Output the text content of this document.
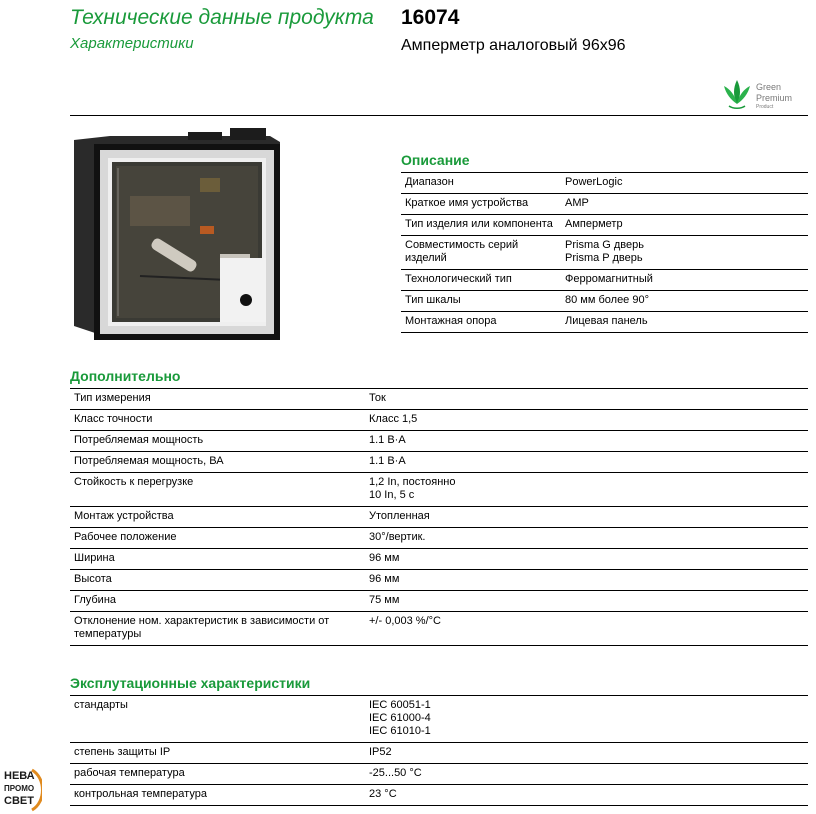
Технические данные продукта
Характеристики
16074
Амперметр аналоговый 96x96
Green
Premium
Product
Описание
Диапазон	PowerLogic
Краткое имя устройства	AMP
Тип изделия или компонента	Амперметр
Совместимость серий изделий	Prisma G дверь
Prisma P дверь
Технологический тип	Ферромагнитный
Тип шкалы	80 мм более 90°
Монтажная опора	Лицевая панель
Дополнительно
Тип измерения	Ток
Класс точности	Класс 1,5
Потребляемая мощность	1.1 В·А
Потребляемая мощность, ВА	1.1 В·А
Стойкость к перегрузке	1,2 In, постоянно
10 In, 5 с
Монтаж устройства	Утопленная
Рабочее положение	30°/вертик.
Ширина	96 мм
Высота	96 мм
Глубина	75 мм
Отклонение ном. характеристик в зависимости от температуры	+/- 0,003 %/°C
Эксплутационные характеристики
стандарты	IEC 60051-1
IEC 61000-4
IEC 61010-1
степень защиты IP	IP52
рабочая температура	-25...50 °C
контрольная температура	23 °C
НЕВА
ПРОМО
СВЕТ
